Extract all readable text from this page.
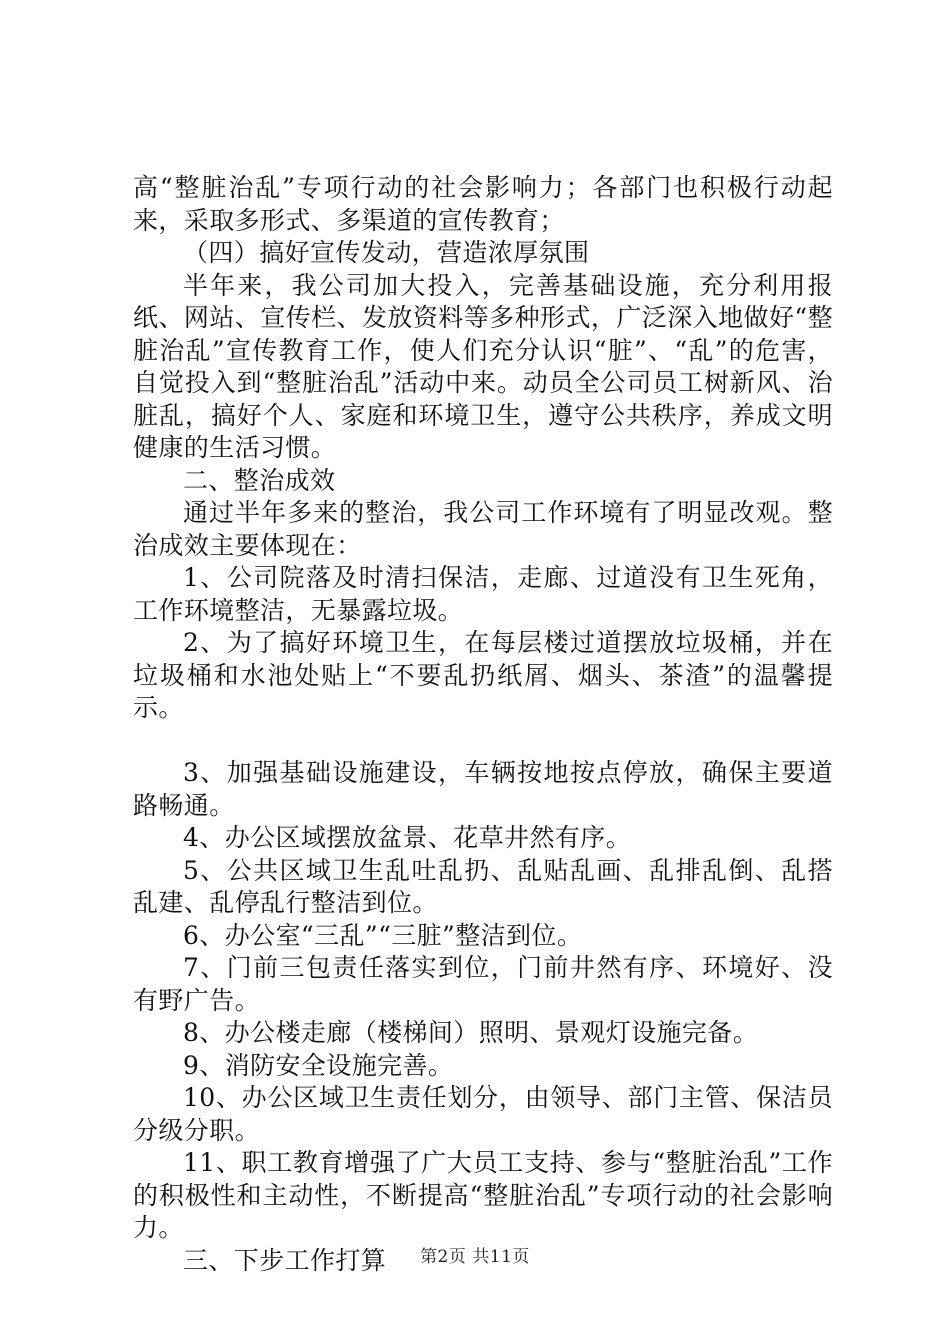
高“整脏治乱”专项行动的社会影响力；各部门也积极行动起来，采取多形式、多渠道的宣传教育；

（四）搞好宣传发动，营造浓厚氛围

半年来，我公司加大投入，完善基础设施，充分利用报纸、网站、宣传栏、发放资料等多种形式，广泛深入地做好“整脏治乱”宣传教育工作，使人们充分认识“脏”、“乱”的危害，自觉投入到“整脏治乱”活动中来。动员全公司员工树新风、治脏乱，搞好个人、家庭和环境卫生，遵守公共秩序，养成文明健康的生活习惯。

二、整治成效

通过半年多来的整治，我公司工作环境有了明显改观。整治成效主要体现在：

1、公司院落及时清扫保洁，走廊、过道没有卫生死角，工作环境整洁，无暴露垃圾。

2、为了搞好环境卫生，在每层楼过道摆放垃圾桶，并在垃圾桶和水池处贴上“不要乱扔纸屑、烟头、茶渣”的温馨提示。

3、加强基础设施建设，车辆按地按点停放，确保主要道路畅通。

4、办公区域摆放盆景、花草井然有序。

5、公共区域卫生乱吐乱扔、乱贴乱画、乱排乱倒、乱搭乱建、乱停乱行整洁到位。

6、办公室“三乱”“三脏”整洁到位。

7、门前三包责任落实到位，门前井然有序、环境好、没有野广告。

8、办公楼走廊（楼梯间）照明、景观灯设施完备。

9、消防安全设施完善。

10、办公区域卫生责任划分，由领导、部门主管、保洁员分级分职。

11、职工教育增强了广大员工支持、参与“整脏治乱”工作的积极性和主动性，不断提高“整脏治乱”专项行动的社会影响力。

三、下步工作打算	第2页 共11页
